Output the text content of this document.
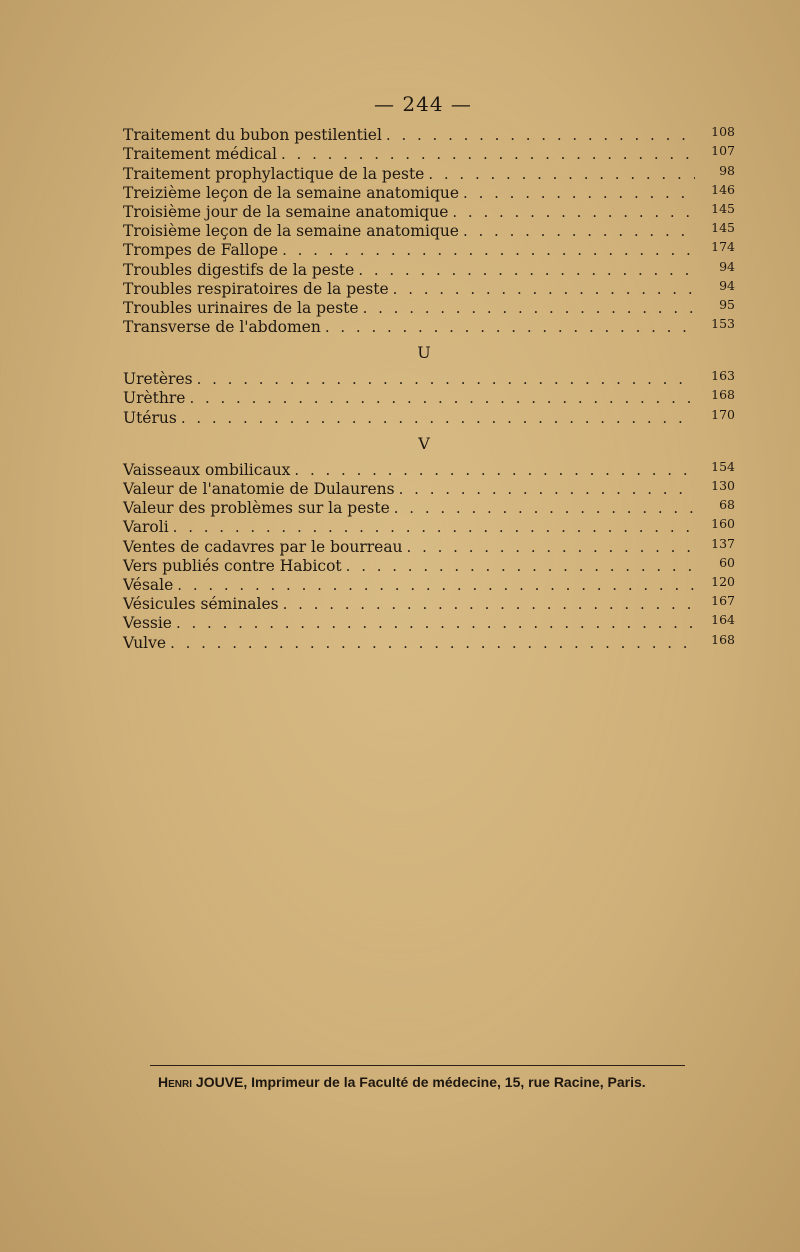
— 244 —
Traitement du bubon pestilentiel . . .	108
Traitement médical . . .	107
Traitement prophylactique de la peste . . .	98
Treizième leçon de la semaine anatomique . . .	146
Troisième jour de la semaine anatomique . . .	145
Troisième leçon de la semaine anatomique . . .	145
Trompes de Fallope . . .	174
Troubles digestifs de la peste . . .	94
Troubles respiratoires de la peste . . .	94
Troubles urinaires de la peste . . .	95
Transverse de l'abdomen . . .	153
U
Uretères . . .	163
Urèthre . . .	168
Utérus . . .	170
V
Vaisseaux ombilicaux . . .	154
Valeur de l'anatomie de Dulaurens . . .	130
Valeur des problèmes sur la peste . . .	68
Varoli . . .	160
Ventes de cadavres par le bourreau . . .	137
Vers publiés contre Habicot . . .	60
Vésale . . .	120
Vésicules séminales . . .	167
Vessie . . .	164
Vulve . . .	168
Henri JOUVE, Imprimeur de la Faculté de médecine, 15, rue Racine, Paris.
